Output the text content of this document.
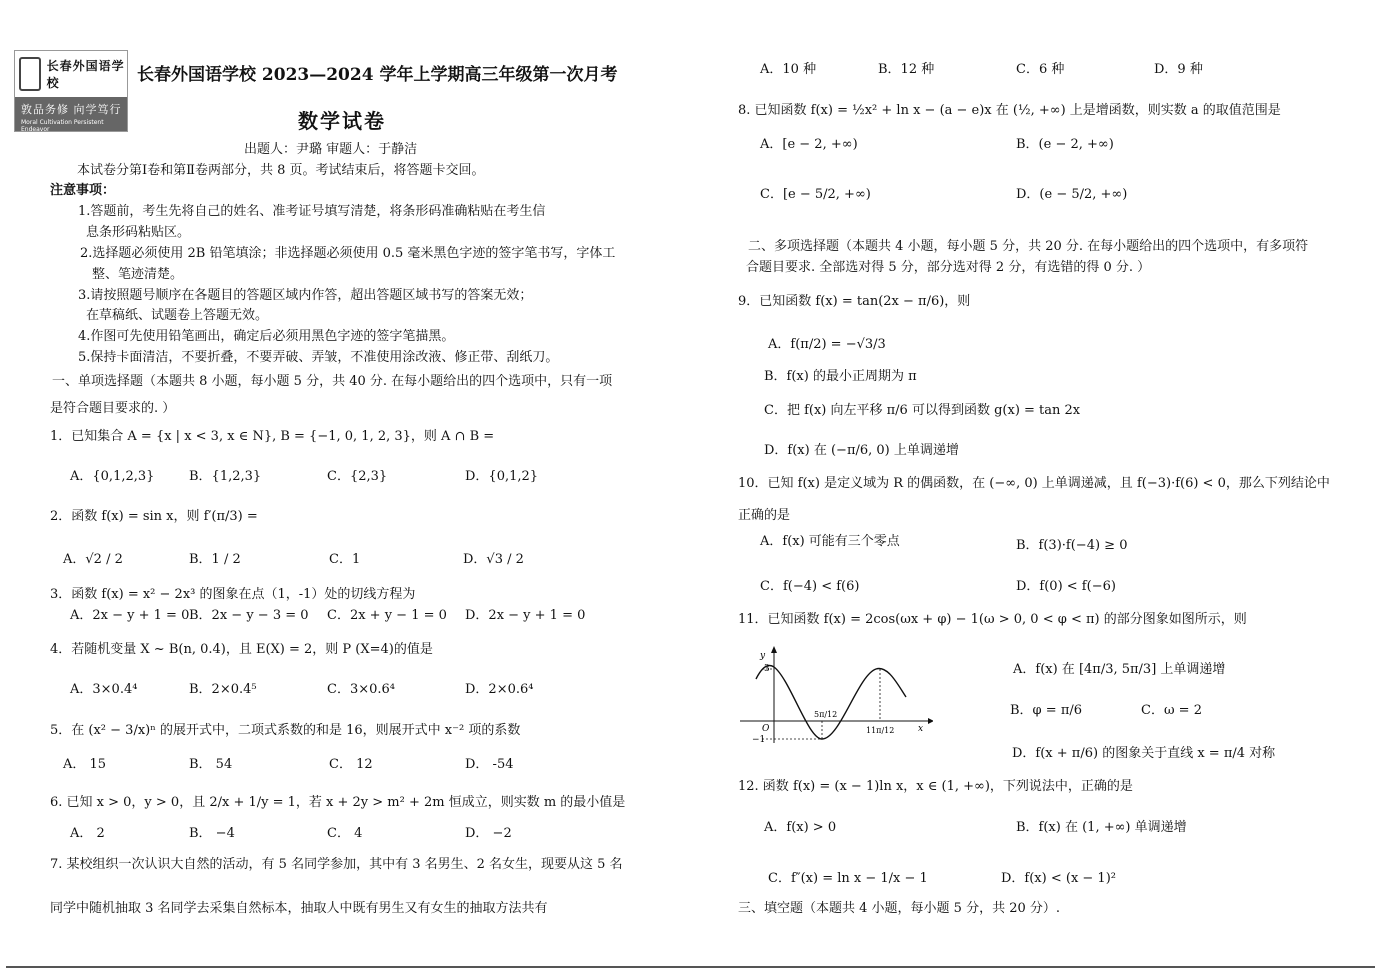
长春外国语学校
敦品务修 向学笃行
Moral Cultivation Persistent Endeavor
长春外国语学校 2023—2024 学年上学期高三年级第一次月考
数学试卷
出题人：尹璐 审题人：于静洁
本试卷分第Ⅰ卷和第Ⅱ卷两部分，共 8 页。考试结束后，将答题卡交回。
注意事项：
1.答题前，考生先将自己的姓名、准考证号填写清楚，将条形码准确粘贴在考生信
息条形码粘贴区。
2.选择题必须使用 2B 铅笔填涂；非选择题必须使用 0.5 毫米黑色字迹的签字笔书写，字体工
整、笔迹清楚。
3.请按照题号顺序在各题目的答题区域内作答，超出答题区域书写的答案无效；
在草稿纸、试题卷上答题无效。
4.作图可先使用铅笔画出，确定后必须用黑色字迹的签字笔描黑。
5.保持卡面清洁，不要折叠，不要弄破、弄皱，不准使用涂改液、修正带、刮纸刀。
一、单项选择题（本题共 8 小题，每小题 5 分，共 40 分. 在每小题给出的四个选项中，只有一项
是符合题目要求的. ）
1．已知集合 A = {x | x < 3, x ∈ N}, B = {−1, 0, 1, 2, 3}，则 A ∩ B =
A．{0,1,2,3}	B．{1,2,3}	C．{2,3}	D．{0,1,2}
2．函数 f(x) = sin x，则 f′(π/3) =
A．√2 / 2	B．1 / 2	C．1	D．√3 / 2
3．函数 f(x) = x² − 2x³ 的图象在点（1，-1）处的切线方程为
A．2x − y + 1 = 0 B．2x − y − 3 = 0 C．2x + y − 1 = 0 D．2x − y + 1 = 0
4．若随机变量 X ~ B(n, 0.4)，且 E(X) = 2，则 P (X=4)的值是
A．3×0.4⁴	B．2×0.4⁵	C．3×0.6⁴	D．2×0.6⁴
5．在 (x² − 3/x)ⁿ 的展开式中，二项式系数的和是 16，则展开式中 x⁻² 项的系数
A． 15	B． 54	C． 12	D． -54
6. 已知 x > 0，y > 0，且 2/x + 1/y = 1，若 x + 2y > m² + 2m 恒成立，则实数 m 的最小值是
A． 2	B． −4	C． 4	D． −2
7. 某校组织一次认识大自然的活动，有 5 名同学参加，其中有 3 名男生、2 名女生，现要从这 5 名
同学中随机抽取 3 名同学去采集自然标本，抽取人中既有男生又有女生的抽取方法共有
A．10 种	B．12 种	C．6 种	D．9 种
8. 已知函数 f(x) = ½x² + ln x − (a − e)x 在 (½, +∞) 上是增函数，则实数 a 的取值范围是
A．[e − 2, +∞)	B．(e − 2, +∞)
C．[e − 5/2, +∞)	D．(e − 5/2, +∞)
二、多项选择题（本题共 4 小题，每小题 5 分，共 20 分. 在每小题给出的四个选项中，有多项符
合题目要求. 全部选对得 5 分，部分选对得 2 分，有选错的得 0 分. ）
9．已知函数 f(x) = tan(2x − π/6)，则
A．f(π/2) = −√3/3
B．f(x) 的最小正周期为 π
C．把 f(x) 向左平移 π/6 可以得到函数 g(x) = tan 2x
D．f(x) 在 (−π/6, 0) 上单调递增
10．已知 f(x) 是定义域为 R 的偶函数，在 (−∞, 0) 上单调递减，且 f(−3)·f(6) < 0，那么下列结论中
正确的是
A．f(x) 可能有三个零点	B．f(3)·f(−4) ≥ 0
C．f(−4) < f(6)	D．f(0) < f(−6)
11．已知函数 f(x) = 2cos(ωx + φ) − 1(ω > 0, 0 < φ < π) 的部分图象如图所示，则
y
3
O
−1
5π/12
11π/12	x
A．f(x) 在 [4π/3, 5π/3] 上单调递增
B．φ = π/6	C．ω = 2
D．f(x + π/6) 的图象关于直线 x = π/4 对称
12. 函数 f(x) = (x − 1)ln x，x ∈ (1, +∞)，下列说法中，正确的是
A．f(x) > 0	B．f(x) 在 (1, +∞) 单调递增
C．f″(x) = ln x − 1/x − 1	D．f(x) < (x − 1)²
三、填空题（本题共 4 小题，每小题 5 分，共 20 分）.
